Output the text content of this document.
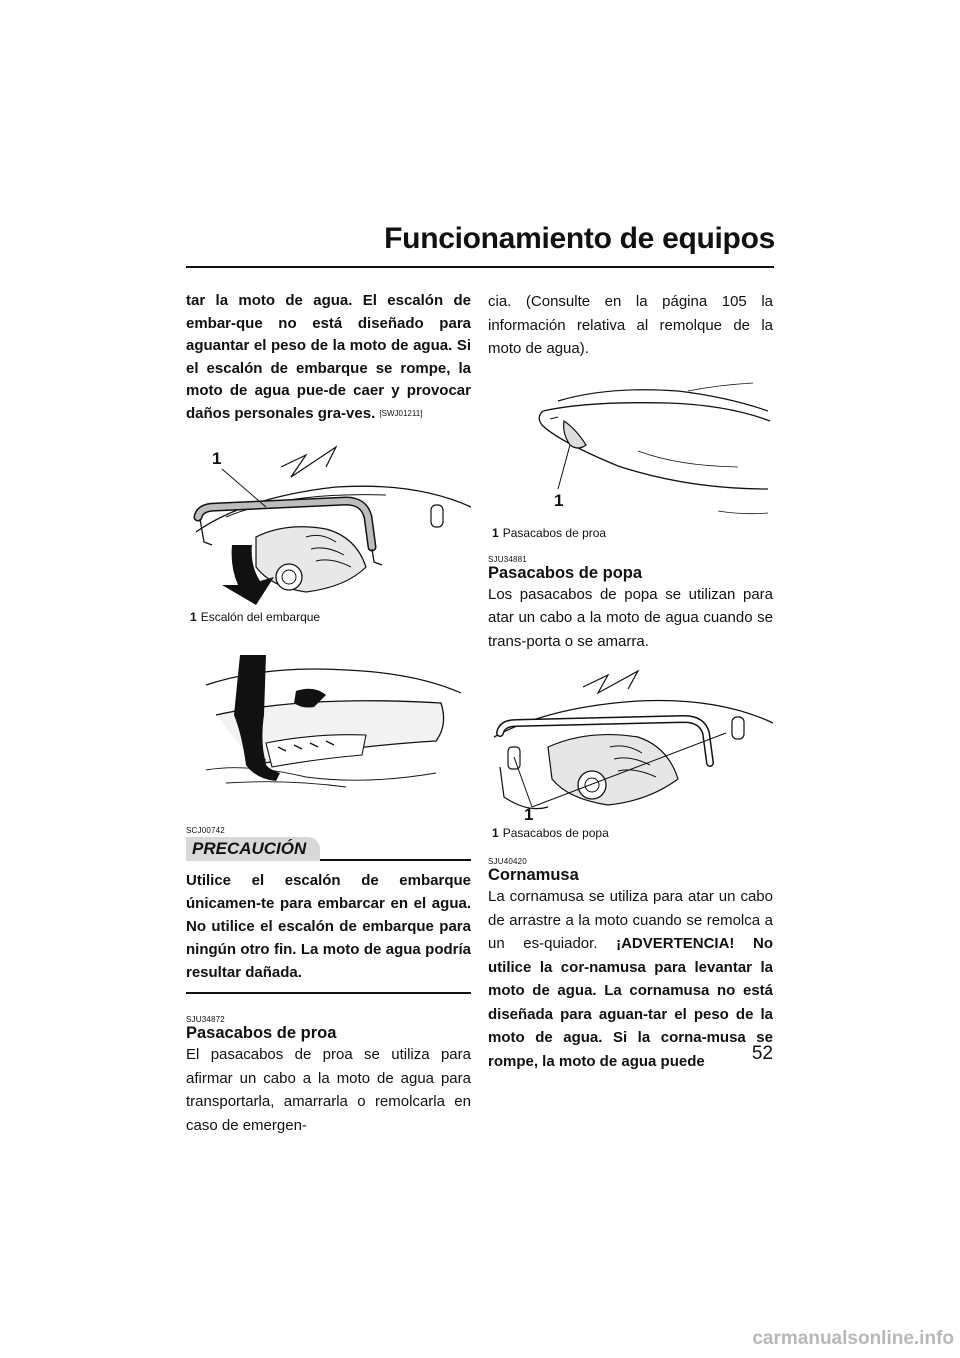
Funcionamiento de equipos

tar la moto de agua. El escalón de embar-que no está diseñado para aguantar el peso de la moto de agua. Si el escalón de embarque se rompe, la moto de agua pue-de caer y provocar daños personales gra-ves. [SWJ01211]

1
1 Escalón del embarque

SCJ00742

PRECAUCIÓN

Utilice el escalón de embarque únicamen-te para embarcar en el agua. No utilice el escalón de embarque para ningún otro fin. La moto de agua podría resultar dañada.

SJU34872

Pasacabos de proa

El pasacabos de proa se utiliza para afirmar un cabo a la moto de agua para transportarla, amarrarla o remolcarla en caso de emergen-

cia. (Consulte en la página 105 la información relativa al remolque de la moto de agua).

1
1 Pasacabos de proa

SJU34881

Pasacabos de popa

Los pasacabos de popa se utilizan para atar un cabo a la moto de agua cuando se trans-porta o se amarra.

1
1 Pasacabos de popa

SJU40420

Cornamusa

La cornamusa se utiliza para atar un cabo de arrastre a la moto cuando se remolca a un es-quiador. ¡ADVERTENCIA! No utilice la cor-namusa para levantar la moto de agua. La cornamusa no está diseñada para aguan-tar el peso de la moto de agua. Si la corna-musa se rompe, la moto de agua puede	52
carmanualsonline.info
